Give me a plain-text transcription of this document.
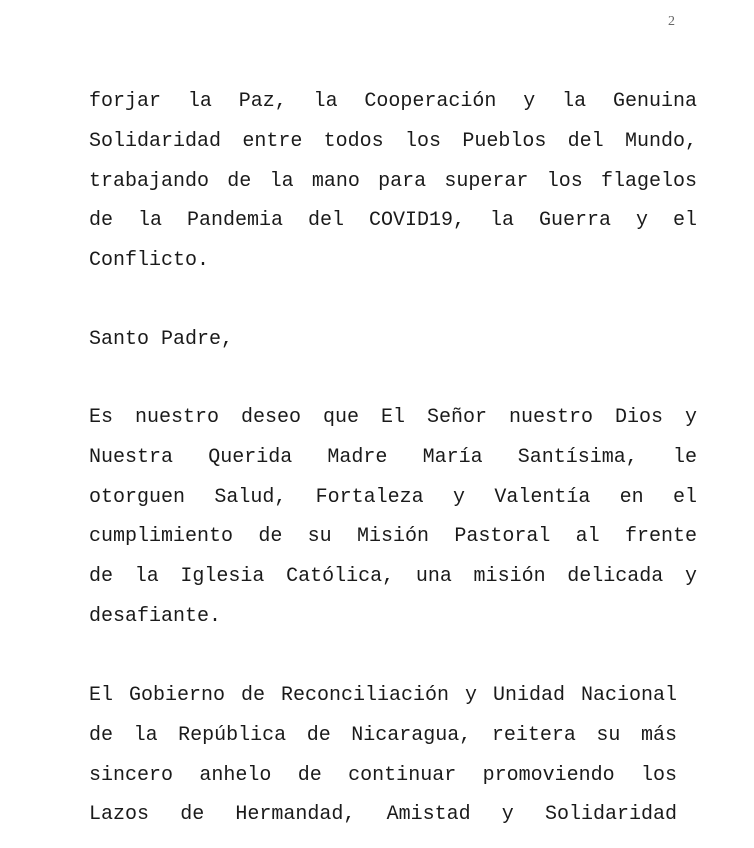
2

forjar la Paz, la Cooperación y la Genuina
Solidaridad entre todos los Pueblos del Mundo,
trabajando de la mano para superar los flagelos
de la Pandemia del COVID19, la Guerra y el
Conflicto.

Santo Padre,

Es nuestro deseo que El Señor nuestro Dios y
Nuestra Querida Madre María Santísima, le
otorguen Salud, Fortaleza y Valentía en el
cumplimiento de su Misión Pastoral al frente
de la Iglesia Católica, una misión delicada y
desafiante.

El Gobierno de Reconciliación y Unidad Nacional
de la República de Nicaragua, reitera su más
sincero anhelo de continuar promoviendo los
Lazos de Hermandad, Amistad y Solidaridad
